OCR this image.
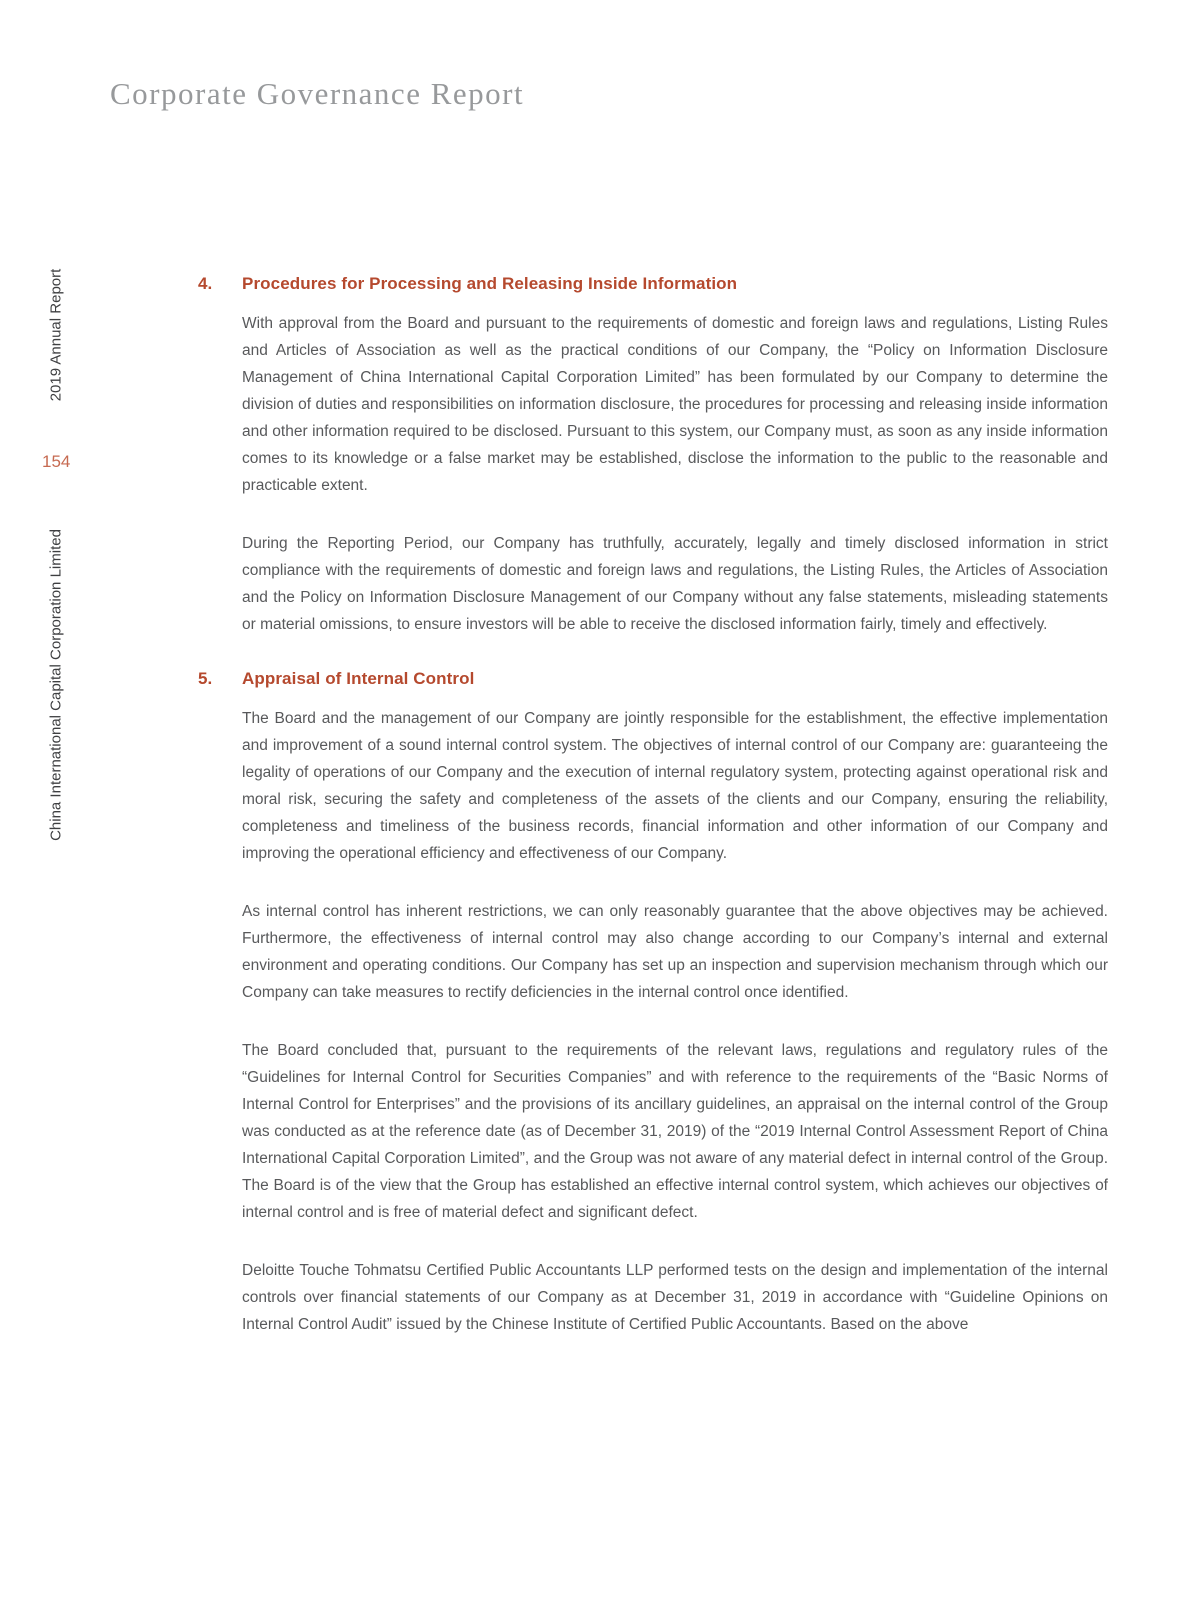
Corporate Governance Report
2019 Annual Report
154
China International Capital Corporation Limited
4.	Procedures for Processing and Releasing Inside Information

With approval from the Board and pursuant to the requirements of domestic and foreign laws and regulations, Listing Rules and Articles of Association as well as the practical conditions of our Company, the “Policy on Information Disclosure Management of China International Capital Corporation Limited” has been formulated by our Company to determine the division of duties and responsibilities on information disclosure, the procedures for processing and releasing inside information and other information required to be disclosed. Pursuant to this system, our Company must, as soon as any inside information comes to its knowledge or a false market may be established, disclose the information to the public to the reasonable and practicable extent.

During the Reporting Period, our Company has truthfully, accurately, legally and timely disclosed information in strict compliance with the requirements of domestic and foreign laws and regulations, the Listing Rules, the Articles of Association and the Policy on Information Disclosure Management of our Company without any false statements, misleading statements or material omissions, to ensure investors will be able to receive the disclosed information fairly, timely and effectively.

5.	Appraisal of Internal Control

The Board and the management of our Company are jointly responsible for the establishment, the effective implementation and improvement of a sound internal control system. The objectives of internal control of our Company are: guaranteeing the legality of operations of our Company and the execution of internal regulatory system, protecting against operational risk and moral risk, securing the safety and completeness of the assets of the clients and our Company, ensuring the reliability, completeness and timeliness of the business records, financial information and other information of our Company and improving the operational efficiency and effectiveness of our Company.

As internal control has inherent restrictions, we can only reasonably guarantee that the above objectives may be achieved. Furthermore, the effectiveness of internal control may also change according to our Company’s internal and external environment and operating conditions. Our Company has set up an inspection and supervision mechanism through which our Company can take measures to rectify deficiencies in the internal control once identified.

The Board concluded that, pursuant to the requirements of the relevant laws, regulations and regulatory rules of the “Guidelines for Internal Control for Securities Companies” and with reference to the requirements of the “Basic Norms of Internal Control for Enterprises” and the provisions of its ancillary guidelines, an appraisal on the internal control of the Group was conducted as at the reference date (as of December 31, 2019) of the “2019 Internal Control Assessment Report of China International Capital Corporation Limited”, and the Group was not aware of any material defect in internal control of the Group. The Board is of the view that the Group has established an effective internal control system, which achieves our objectives of internal control and is free of material defect and significant defect.

Deloitte Touche Tohmatsu Certified Public Accountants LLP performed tests on the design and implementation of the internal controls over financial statements of our Company as at December 31, 2019 in accordance with “Guideline Opinions on Internal Control Audit” issued by the Chinese Institute of Certified Public Accountants. Based on the above
